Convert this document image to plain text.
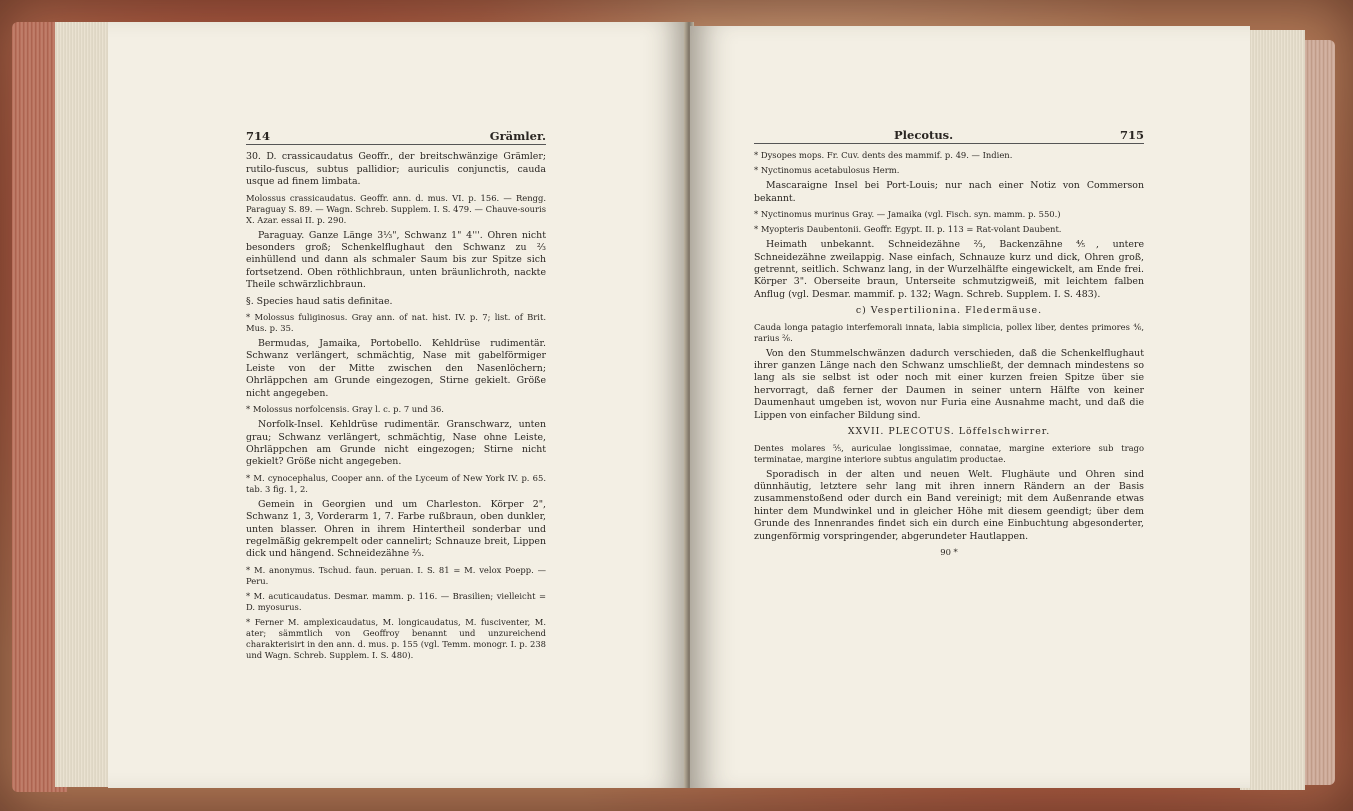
714	Grämler.
30. D. crassicaudatus Geoffr., der breitschwänzige Grämler; rutilo-fuscus, subtus pallidior; auriculis conjunctis, cauda usque ad finem limbata.
Molossus crassicaudatus. Geoffr. ann. d. mus. VI. p. 156. — Rengg. Paraguay S. 89. — Wagn. Schreb. Supplem. I. S. 479. — Chauve-souris X. Azar. essai II. p. 290.
Paraguay. Ganze Länge 3⅓", Schwanz 1" 4'''. Ohren nicht besonders groß; Schenkelflughaut den Schwanz zu ⅔ einhüllend und dann als schmaler Saum bis zur Spitze sich fortsetzend. Oben röthlichbraun, unten bräunlichroth, nackte Theile schwärzlichbraun.
§. Species haud satis definitae.
* Molossus fuliginosus. Gray ann. of nat. hist. IV. p. 7; list. of Brit. Mus. p. 35.
Bermudas, Jamaika, Portobello. Kehldrüse rudimentär. Schwanz verlängert, schmächtig, Nase mit gabelförmiger Leiste von der Mitte zwischen den Nasenlöchern; Ohrläppchen am Grunde eingezogen, Stirne gekielt. Größe nicht angegeben.
* Molossus norfolcensis. Gray l. c. p. 7 und 36.
Norfolk-Insel. Kehldrüse rudimentär. Granschwarz, unten grau; Schwanz verlängert, schmächtig, Nase ohne Leiste, Ohrläppchen am Grunde nicht eingezogen; Stirne nicht gekielt? Größe nicht angegeben.
* M. cynocephalus, Cooper ann. of the Lyceum of New York IV. p. 65. tab. 3 fig. 1, 2.
Gemein in Georgien und um Charleston. Körper 2", Schwanz 1, 3, Vorderarm 1, 7. Farbe rußbraun, oben dunkler, unten blasser. Ohren in ihrem Hintertheil sonderbar und regelmäßig gekrempelt oder cannelirt; Schnauze breit, Lippen dick und hängend. Schneidezähne ⅔.
* M. anonymus. Tschud. faun. peruan. I. S. 81 = M. velox Poepp. — Peru.
* M. acuticaudatus. Desmar. mamm. p. 116. — Brasilien; vielleicht = D. myosurus.
* Ferner M. amplexicaudatus, M. longicaudatus, M. fusciventer, M. ater; sämmtlich von Geoffroy benannt und unzureichend charakterisirt in den ann. d. mus. p. 155 (vgl. Temm. monogr. I. p. 238 und Wagn. Schreb. Supplem. I. S. 480).
Plecotus.	715
* Dysopes mops. Fr. Cuv. dents des mammif. p. 49. — Indien.
* Nyctinomus acetabulosus Herm.
Mascaraigne Insel bei Port-Louis; nur nach einer Notiz von Commerson bekannt.
* Nyctinomus murinus Gray. — Jamaika (vgl. Fisch. syn. mamm. p. 550.)
* Myopteris Daubentonii. Geoffr. Egypt. II. p. 113 = Rat-volant Daubent.
Heimath unbekannt. Schneidezähne ⅔, Backenzähne ⅘, untere Schneidezähne zweilappig. Nase einfach, Schnauze kurz und dick, Ohren groß, getrennt, seitlich. Schwanz lang, in der Wurzelhälfte eingewickelt, am Ende frei. Körper 3". Oberseite braun, Unterseite schmutzigweiß, mit leichtem falben Anflug (vgl. Desmar. mammif. p. 132; Wagn. Schreb. Supplem. I. S. 483).
c) Vespertilionina. Fledermäuse.
Cauda longa patagio interfemorali innata, labia simplicia, pollex liber, dentes primores ⁴⁄₆, rarius ²⁄₆.
Von den Stummelschwänzen dadurch verschieden, daß die Schenkelflughaut ihrer ganzen Länge nach den Schwanz umschließt, der demnach mindestens so lang als sie selbst ist oder noch mit einer kurzen freien Spitze über sie hervorragt, daß ferner der Daumen in seiner untern Hälfte von keiner Daumenhaut umgeben ist, wovon nur Furia eine Ausnahme macht, und daß die Lippen von einfacher Bildung sind.
XXVII. PLECOTUS. Löffelschwirrer.
Dentes molares ⁵⁄₅, auriculae longissimae, connatae, margine exteriore sub trago terminatae, margine interiore subtus angulatim productae.
Sporadisch in der alten und neuen Welt. Flughäute und Ohren sind dünnhäutig, letztere sehr lang mit ihren innern Rändern an der Basis zusammenstoßend oder durch ein Band vereinigt; mit dem Außenrande etwas hinter dem Mundwinkel und in gleicher Höhe mit diesem geendigt; über dem Grunde des Innenrandes findet sich ein durch eine Einbuchtung abgesonderter, zungenförmig vorspringender, abgerundeter Hautlappen.
90 *
